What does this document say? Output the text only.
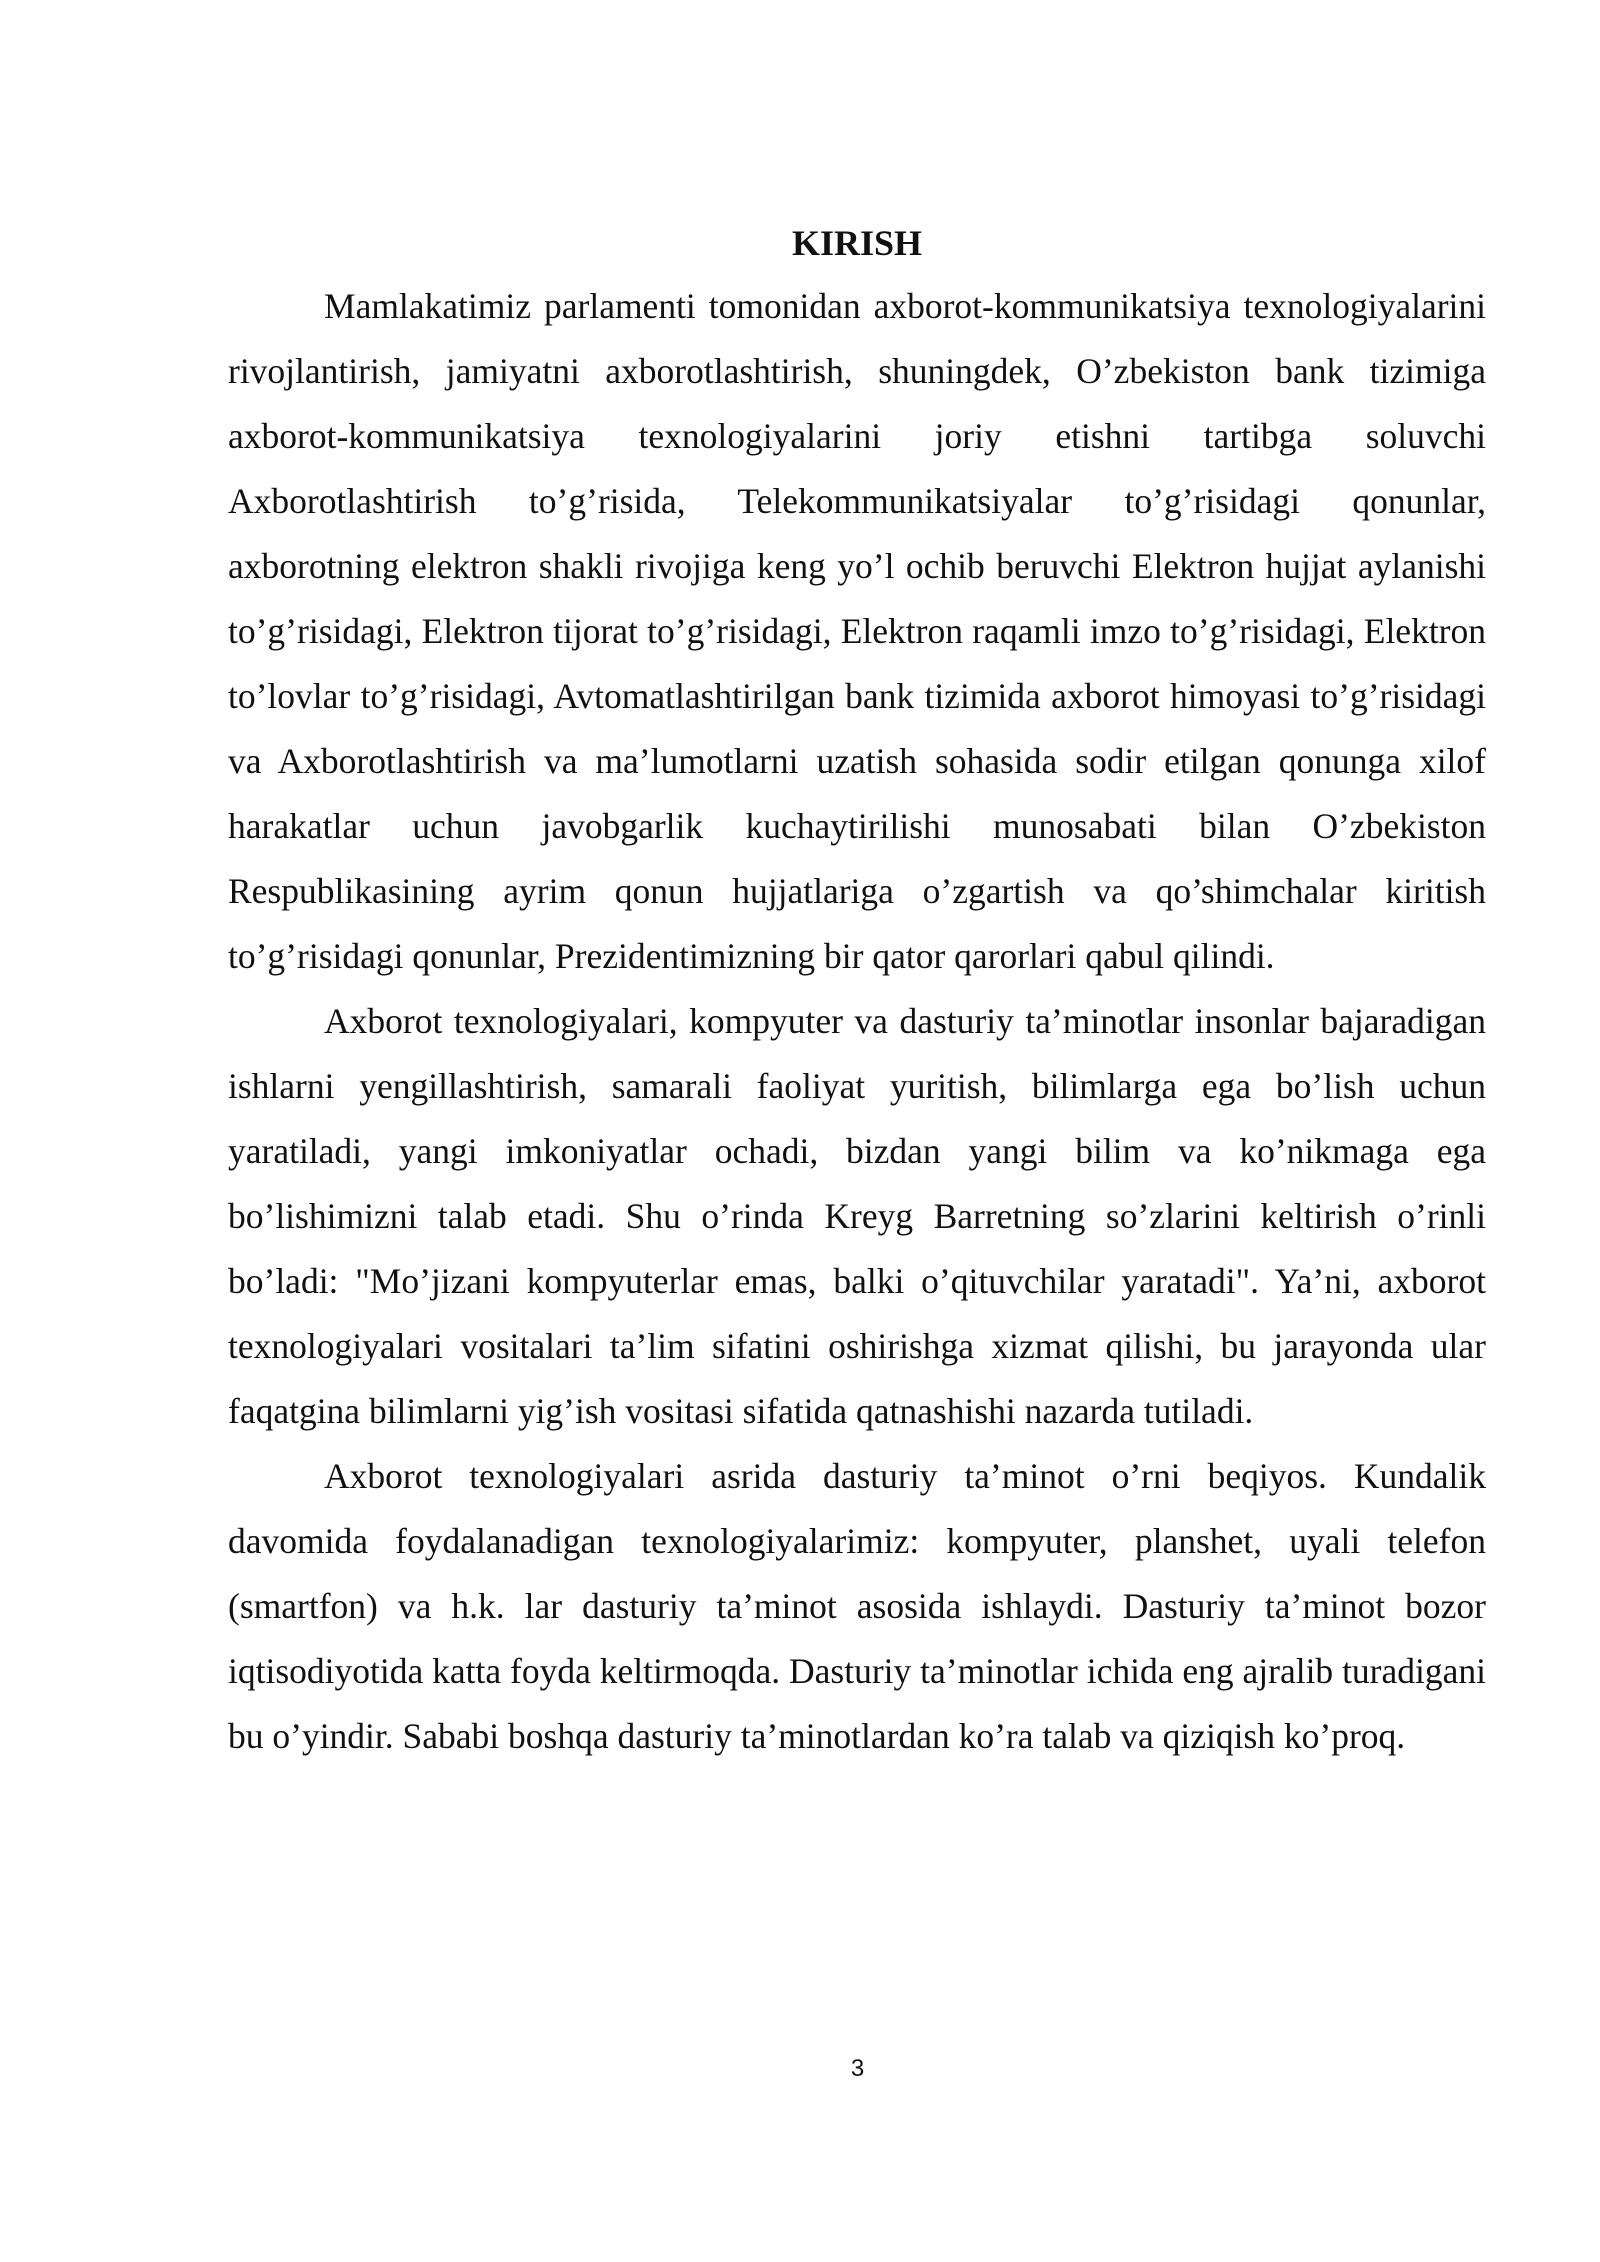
KIRISH

Mamlakatimiz parlamenti tomonidan axborot-kommunikatsiya texnologiyalarini rivojlantirish, jamiyatni axborotlashtirish, shuningdek, O’zbekiston bank tizimiga axborot-kommunikatsiya texnologiyalarini joriy etishni tartibga soluvchi Axborotlashtirish to’g’risida, Telekommunikatsiyalar to’g’risidagi qonunlar, axborotning elektron shakli rivojiga keng yo’l ochib beruvchi Elektron hujjat aylanishi to’g’risidagi, Elektron tijorat to’g’risidagi, Elektron raqamli imzo to’g’risidagi, Elektron to’lovlar to’g’risidagi, Avtomatlashtirilgan bank tizimida axborot himoyasi to’g’risidagi va Axborotlashtirish va ma’lumotlarni uzatish sohasida sodir etilgan qonunga xilof harakatlar uchun javobgarlik kuchaytirilishi munosabati bilan O’zbekiston Respublikasining ayrim qonun hujjatlariga o’zgartish va qo’shimchalar kiritish to’g’risidagi qonunlar, Prezidentimizning bir qator qarorlari qabul qilindi.

Axborot texnologiyalari, kompyuter va dasturiy ta’minotlar insonlar bajaradigan ishlarni yengillashtirish, samarali faoliyat yuritish, bilimlarga ega bo’lish uchun yaratiladi, yangi imkoniyatlar ochadi, bizdan yangi bilim va ko’nikmaga ega bo’lishimizni talab etadi. Shu o’rinda Kreyg Barretning so’zlarini keltirish o’rinli bo’ladi: "Mo’jizani kompyuterlar emas, balki o’qituvchilar yaratadi". Ya’ni, axborot texnologiyalari vositalari ta’lim sifatini oshirishga xizmat qilishi, bu jarayonda ular faqatgina bilimlarni yig’ish vositasi sifatida qatnashishi nazarda tutiladi.

Axborot texnologiyalari asrida dasturiy ta’minot o’rni beqiyos. Kundalik davomida foydalanadigan texnologiyalarimiz: kompyuter, planshet, uyali telefon (smartfon) va h.k. lar dasturiy ta’minot asosida ishlaydi. Dasturiy ta’minot bozor iqtisodiyotida katta foyda keltirmoqda. Dasturiy ta’minotlar ichida eng ajralib turadigani bu o’yindir. Sababi boshqa dasturiy ta’minotlardan ko’ra talab va qiziqish ko’proq.

3
